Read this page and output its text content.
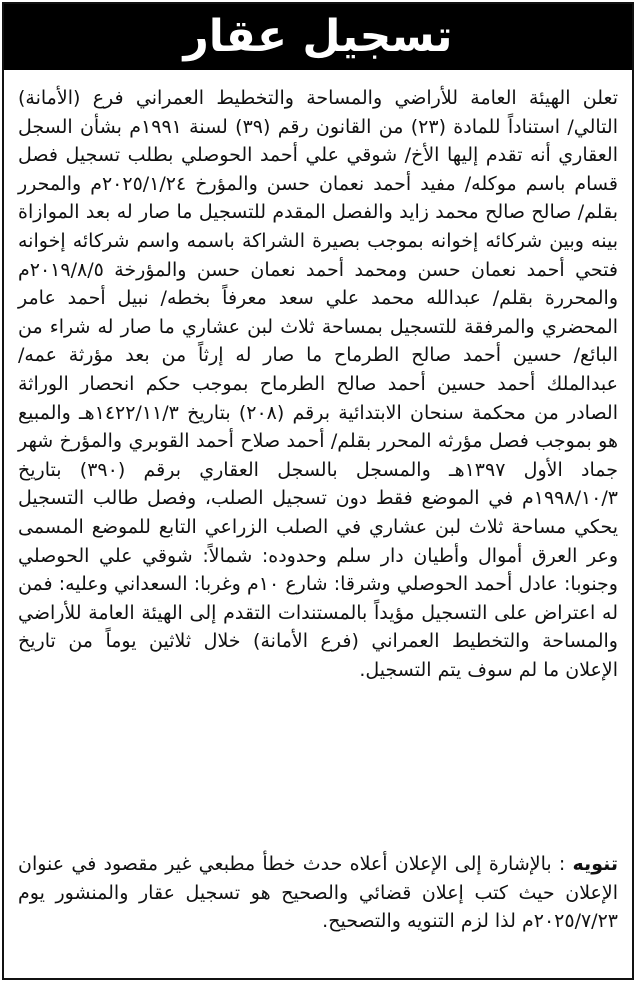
تسجيل عقار

تعلن الهيئة العامة للأراضي والمساحة والتخطيط العمراني فرع (الأمانة) التالي/ استناداً للمادة (٢٣) من القانون رقم (٣٩) لسنة ١٩٩١م بشأن السجل العقاري أنه تقدم إليها الأخ/ شوقي علي أحمد الحوصلي بطلب تسجيل فصل قسام باسم موكله/ مفيد أحمد نعمان حسن والمؤرخ ٢٠٢٥/١/٢٤م والمحرر بقلم/ صالح صالح محمد زايد والفصل المقدم للتسجيل ما صار له بعد الموازاة بينه وبين شركائه إخوانه بموجب بصيرة الشراكة باسمه واسم شركائه إخوانه فتحي أحمد نعمان حسن ومحمد أحمد نعمان حسن والمؤرخة ٢٠١٩/٨/٥م والمحررة بقلم/ عبدالله محمد علي سعد معرفاً بخطه/ نبيل أحمد عامر المحضري والمرفقة للتسجيل بمساحة ثلاث لبن عشاري ما صار له شراء من البائع/ حسين أحمد صالح الطرماح ما صار له إرثاً من بعد مؤرثة عمه/ عبدالملك أحمد حسين أحمد صالح الطرماح بموجب حكم انحصار الوراثة الصادر من محكمة سنحان الابتدائية برقم (٢٠٨) بتاريخ ١٤٢٢/١١/٣هـ والمبيع هو بموجب فصل مؤرثه المحرر بقلم/ أحمد صلاح أحمد القوبري والمؤرخ شهر جماد الأول ١٣٩٧هـ والمسجل بالسجل العقاري برقم (٣٩٠) بتاريخ ١٩٩٨/١٠/٣م في الموضع فقط دون تسجيل الصلب، وفصل طالب التسجيل يحكي مساحة ثلاث لبن عشاري في الصلب الزراعي التابع للموضع المسمى وعر العرق أموال وأطيان دار سلم وحدوده: شمالاً: شوقي علي الحوصلي وجنوبا: عادل أحمد الحوصلي وشرقا: شارع ١٠م وغربا: السعداني وعليه: فمن له اعتراض على التسجيل مؤيداً بالمستندات التقدم إلى الهيئة العامة للأراضي والمساحة والتخطيط العمراني (فرع الأمانة) خلال ثلاثين يوماً من تاريخ الإعلان ما لم سوف يتم التسجيل.

تنويه : بالإشارة إلى الإعلان أعلاه حدث خطأ مطبعي غير مقصود في عنوان الإعلان حيث كتب إعلان قضائي والصحيح هو تسجيل عقار والمنشور يوم ٢٠٢٥/٧/٢٣م لذا لزم التنويه والتصحيح.
